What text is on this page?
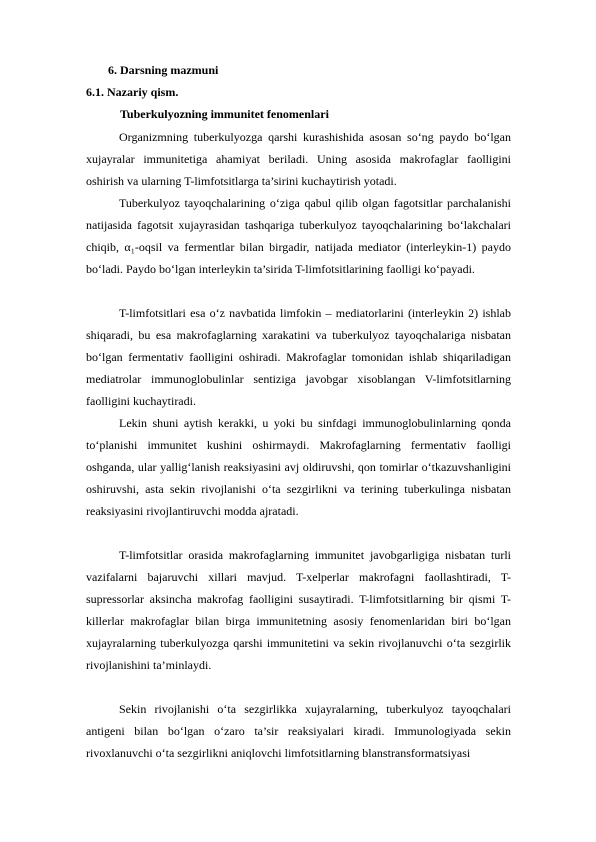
6. Darsning mazmuni
6.1. Nazariy qism.
Tuberkulyozning immunitet fenomenlari

Organizmning tuberkulyozga qarshi kurashishida asosan so‘ng paydo bo‘lgan xujayralar immunitetiga ahamiyat beriladi. Uning asosida makrofaglar faolligini oshirish va ularning T-limfotsitlarga ta’sirini kuchaytirish yotadi.

Tuberkulyoz tayoqchalarining o‘ziga qabul qilib olgan fagotsitlar parchalanishi natijasida fagotsit xujayrasidan tashqariga tuberkulyoz tayoqchalarining bo‘lakchalari chiqib, α₁-oqsil va fermentlar bilan birgadir, natijada mediator (interleykin-1) paydo bo‘ladi. Paydo bo‘lgan interleykin ta’sirida T-limfotsitlarining faolligi ko‘payadi.

T-limfotsitlari esa o‘z navbatida limfokin – mediatorlarini (interleykin 2) ishlab shiqaradi, bu esa makrofaglarning xarakatini va tuberkulyoz tayoqchalariga nisbatan bo‘lgan fermentativ faolligini oshiradi. Makrofaglar tomonidan ishlab shiqariladigan mediatrolar immunoglobulinlar sentiziga javobgar xisoblangan V-limfotsitlarning faolligini kuchaytiradi.

Lekin shuni aytish kerakki, u yoki bu sinfdagi immunoglobulinlarning qonda to‘planishi immunitet kushini oshirmaydi. Makrofaglarning fermentativ faolligi oshganda, ular yallig‘lanish reaksiyasini avj oldiruvshi, qon tomirlar o‘tkazuvshanligini oshiruvshi, asta sekin rivojlanishi o‘ta sezgirlikni va terining tuberkulinga nisbatan reaksiyasini rivojlantiruvchi modda ajratadi.

T-limfotsitlar orasida makrofaglarning immunitet javobgarligiga nisbatan turli vazifalarni bajaruvchi xillari mavjud. T-xelperlar makrofagni faollashtiradi, T-supressorlar aksincha makrofag faolligini susaytiradi. T-limfotsitlarning bir qismi T-killerlar makrofaglar bilan birga immunitetning asosiy fenomenlaridan biri bo‘lgan xujayralarning tuberkulyozga qarshi immunitetini va sekin rivojlanuvchi o‘ta sezgirlik rivojlanishini ta’minlaydi.

Sekin rivojlanishi o‘ta sezgirlikka xujayralarning, tuberkulyoz tayoqchalari antigeni bilan bo‘lgan o‘zaro ta’sir reaksiyalari kiradi. Immunologiyada sekin rivoxlanuvchi o‘ta sezgirlikni aniqlovchi limfotsitlarning blanstransformatsiyasi
